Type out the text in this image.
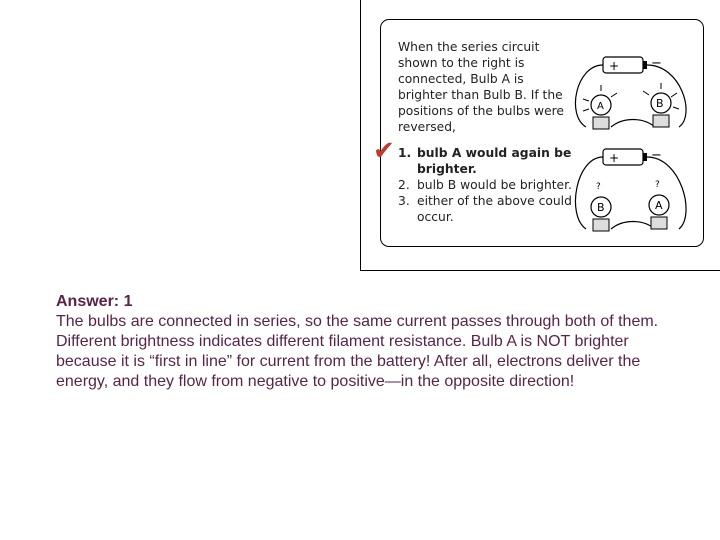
When the series circuit shown to the right is connected, Bulb A is brighter than Bulb B. If the positions of the bulbs were reversed,

✔ 1. bulb A would again be brighter.
2. bulb B would be brighter.
3. either of the above could occur.
+ −
A	B
+ −
?	?
B	A
Answer: 1
The bulbs are connected in series, so the same current passes through both of them. Different brightness indicates different filament resistance. Bulb A is NOT brighter because it is “first in line” for current from the battery! After all, electrons deliver the energy, and they flow from negative to positive—in the opposite direction!
